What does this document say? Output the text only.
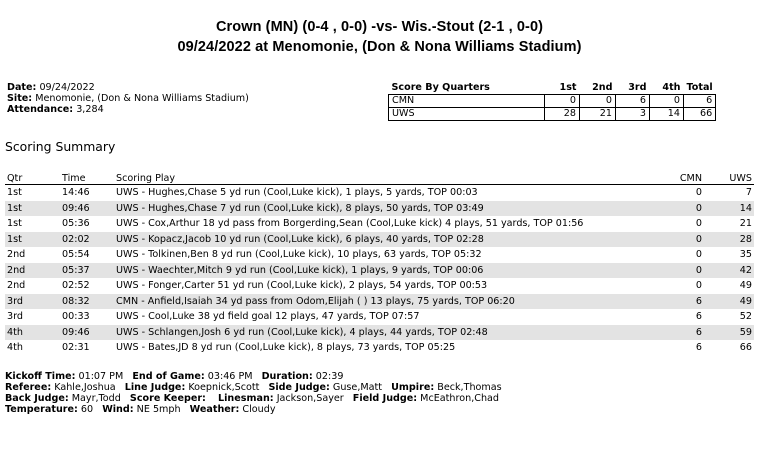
Crown (MN) (0-4 , 0-0) -vs- Wis.-Stout (2-1 , 0-0)
09/24/2022 at Menomonie, (Don & Nona Williams Stadium)
Date: 09/24/2022
Site: Menomonie, (Don & Nona Williams Stadium)
Attendance: 3,284
Score By Quarters	1st	2nd	3rd	4th	Total
CMN	0	0	6	0	6
UWS	28	21	3	14	66
Scoring Summary
Qtr	Time	Scoring Play	CMN	UWS
1st	14:46	UWS - Hughes,Chase 5 yd run (Cool,Luke kick), 1 plays, 5 yards, TOP 00:03	0	7
1st	09:46	UWS - Hughes,Chase 7 yd run (Cool,Luke kick), 8 plays, 50 yards, TOP 03:49	0	14
1st	05:36	UWS - Cox,Arthur 18 yd pass from Borgerding,Sean (Cool,Luke kick) 4 plays, 51 yards, TOP 01:56	0	21
1st	02:02	UWS - Kopacz,Jacob 10 yd run (Cool,Luke kick), 6 plays, 40 yards, TOP 02:28	0	28
2nd	05:54	UWS - Tolkinen,Ben 8 yd run (Cool,Luke kick), 10 plays, 63 yards, TOP 05:32	0	35
2nd	05:37	UWS - Waechter,Mitch 9 yd run (Cool,Luke kick), 1 plays, 9 yards, TOP 00:06	0	42
2nd	02:52	UWS - Fonger,Carter 51 yd run (Cool,Luke kick), 2 plays, 54 yards, TOP 00:53	0	49
3rd	08:32	CMN - Anfield,Isaiah 34 yd pass from Odom,Elijah ( ) 13 plays, 75 yards, TOP 06:20	6	49
3rd	00:33	UWS - Cool,Luke 38 yd field goal 12 plays, 47 yards, TOP 07:57	6	52
4th	09:46	UWS - Schlangen,Josh 6 yd run (Cool,Luke kick), 4 plays, 44 yards, TOP 02:48	6	59
4th	02:31	UWS - Bates,JD 8 yd run (Cool,Luke kick), 8 plays, 73 yards, TOP 05:25	6	66
Kickoff Time: 01:07 PM End of Game: 03:46 PM Duration: 02:39
Referee: Kahle,Joshua Line Judge: Koepnick,Scott Side Judge: Guse,Matt Umpire: Beck,Thomas
Back Judge: Mayr,Todd Score Keeper: Linesman: Jackson,Sayer Field Judge: McEathron,Chad
Temperature: 60 Wind: NE 5mph Weather: Cloudy
